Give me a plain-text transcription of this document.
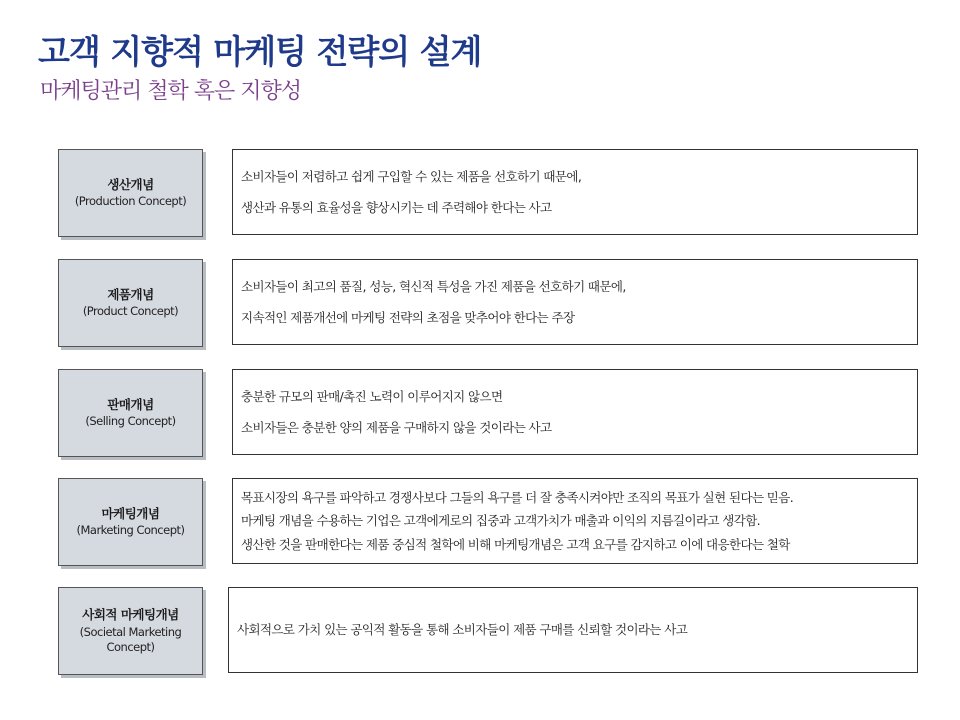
고객 지향적 마케팅 전략의 설계
마케팅관리 철학 혹은 지향성
생산개념
(Production Concept)
소비자들이 저렴하고 쉽게 구입할 수 있는 제품을 선호하기 때문에,
생산과 유통의 효율성을 향상시키는 데 주력해야 한다는 사고
제품개념
(Product Concept)
소비자들이 최고의 품질, 성능, 혁신적 특성을 가진 제품을 선호하기 때문에,
지속적인 제품개선에 마케팅 전략의 초점을 맞추어야 한다는 주장
판매개념
(Selling Concept)
충분한 규모의 판매/촉진 노력이 이루어지지 않으면
소비자들은 충분한 양의 제품을 구매하지 않을 것이라는 사고
마케팅개념
(Marketing Concept)
목표시장의 욕구를 파악하고 경쟁사보다 그들의 욕구를 더 잘 충족시켜야만 조직의 목표가 실현 된다는 믿음.
마케팅 개념을 수용하는 기업은 고객에게로의 집중과 고객가치가 매출과 이익의 지름길이라고 생각함.
생산한 것을 판매한다는 제품 중심적 철학에 비해 마케팅개념은 고객 요구를 감지하고 이에 대응한다는 철학
사회적 마케팅개념
(Societal Marketing Concept)
사회적으로 가치 있는 공익적 활동을 통해 소비자들이 제품 구매를 신뢰할 것이라는 사고
